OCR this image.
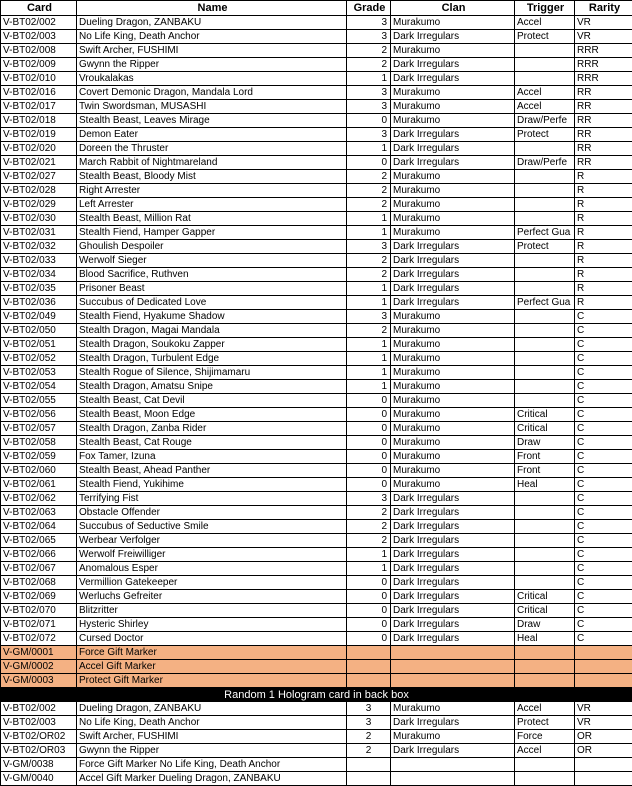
Card	Name	Grade	Clan	Trigger	Rarity
V-BT02/002	Dueling Dragon, ZANBAKU	3	Murakumo	Accel	VR
V-BT02/003	No Life King, Death Anchor	3	Dark Irregulars	Protect	VR
V-BT02/008	Swift Archer, FUSHIMI	2	Murakumo		RRR
V-BT02/009	Gwynn the Ripper	2	Dark Irregulars		RRR
V-BT02/010	Vroukalakas	1	Dark Irregulars		RRR
V-BT02/016	Covert Demonic Dragon, Mandala Lord	3	Murakumo	Accel	RR
V-BT02/017	Twin Swordsman, MUSASHI	3	Murakumo	Accel	RR
V-BT02/018	Stealth Beast, Leaves Mirage	0	Murakumo	Draw/Perfe	RR
V-BT02/019	Demon Eater	3	Dark Irregulars	Protect	RR
V-BT02/020	Doreen the Thruster	1	Dark Irregulars		RR
V-BT02/021	March Rabbit of Nightmareland	0	Dark Irregulars	Draw/Perfe	RR
V-BT02/027	Stealth Beast, Bloody Mist	2	Murakumo		R
V-BT02/028	Right Arrester	2	Murakumo		R
V-BT02/029	Left Arrester	2	Murakumo		R
V-BT02/030	Stealth Beast, Million Rat	1	Murakumo		R
V-BT02/031	Stealth Fiend, Hamper Gapper	1	Murakumo	Perfect Gua	R
V-BT02/032	Ghoulish Despoiler	3	Dark Irregulars	Protect	R
V-BT02/033	Werwolf Sieger	2	Dark Irregulars		R
V-BT02/034	Blood Sacrifice, Ruthven	2	Dark Irregulars		R
V-BT02/035	Prisoner Beast	1	Dark Irregulars		R
V-BT02/036	Succubus of Dedicated Love	1	Dark Irregulars	Perfect Gua	R
V-BT02/049	Stealth Fiend, Hyakume Shadow	3	Murakumo		C
V-BT02/050	Stealth Dragon, Magai Mandala	2	Murakumo		C
V-BT02/051	Stealth Dragon, Soukoku Zapper	1	Murakumo		C
V-BT02/052	Stealth Dragon, Turbulent Edge	1	Murakumo		C
V-BT02/053	Stealth Rogue of Silence, Shijimamaru	1	Murakumo		C
V-BT02/054	Stealth Dragon, Amatsu Snipe	1	Murakumo		C
V-BT02/055	Stealth Beast, Cat Devil	0	Murakumo		C
V-BT02/056	Stealth Beast, Moon Edge	0	Murakumo	Critical	C
V-BT02/057	Stealth Dragon, Zanba Rider	0	Murakumo	Critical	C
V-BT02/058	Stealth Beast, Cat Rouge	0	Murakumo	Draw	C
V-BT02/059	Fox Tamer, Izuna	0	Murakumo	Front	C
V-BT02/060	Stealth Beast, Ahead Panther	0	Murakumo	Front	C
V-BT02/061	Stealth Fiend, Yukihime	0	Murakumo	Heal	C
V-BT02/062	Terrifying Fist	3	Dark Irregulars		C
V-BT02/063	Obstacle Offender	2	Dark Irregulars		C
V-BT02/064	Succubus of Seductive Smile	2	Dark Irregulars		C
V-BT02/065	Werbear Verfolger	2	Dark Irregulars		C
V-BT02/066	Werwolf Freiwilliger	1	Dark Irregulars		C
V-BT02/067	Anomalous Esper	1	Dark Irregulars		C
V-BT02/068	Vermillion Gatekeeper	0	Dark Irregulars		C
V-BT02/069	Werluchs Gefreiter	0	Dark Irregulars	Critical	C
V-BT02/070	Blitzritter	0	Dark Irregulars	Critical	C
V-BT02/071	Hysteric Shirley	0	Dark Irregulars	Draw	C
V-BT02/072	Cursed Doctor	0	Dark Irregulars	Heal	C
V-GM/0001	Force Gift Marker				
V-GM/0002	Accel Gift Marker				
V-GM/0003	Protect Gift Marker				
Random 1 Hologram card in back box					
V-BT02/002	Dueling Dragon, ZANBAKU	3	Murakumo	Accel	VR
V-BT02/003	No Life King, Death Anchor	3	Dark Irregulars	Protect	VR
V-BT02/OR02	Swift Archer, FUSHIMI	2	Murakumo	Force	OR
V-BT02/OR03	Gwynn the Ripper	2	Dark Irregulars	Accel	OR
V-GM/0038	Force Gift Marker No Life King, Death Anchor				
V-GM/0040	Accel Gift Marker Dueling Dragon, ZANBAKU				
